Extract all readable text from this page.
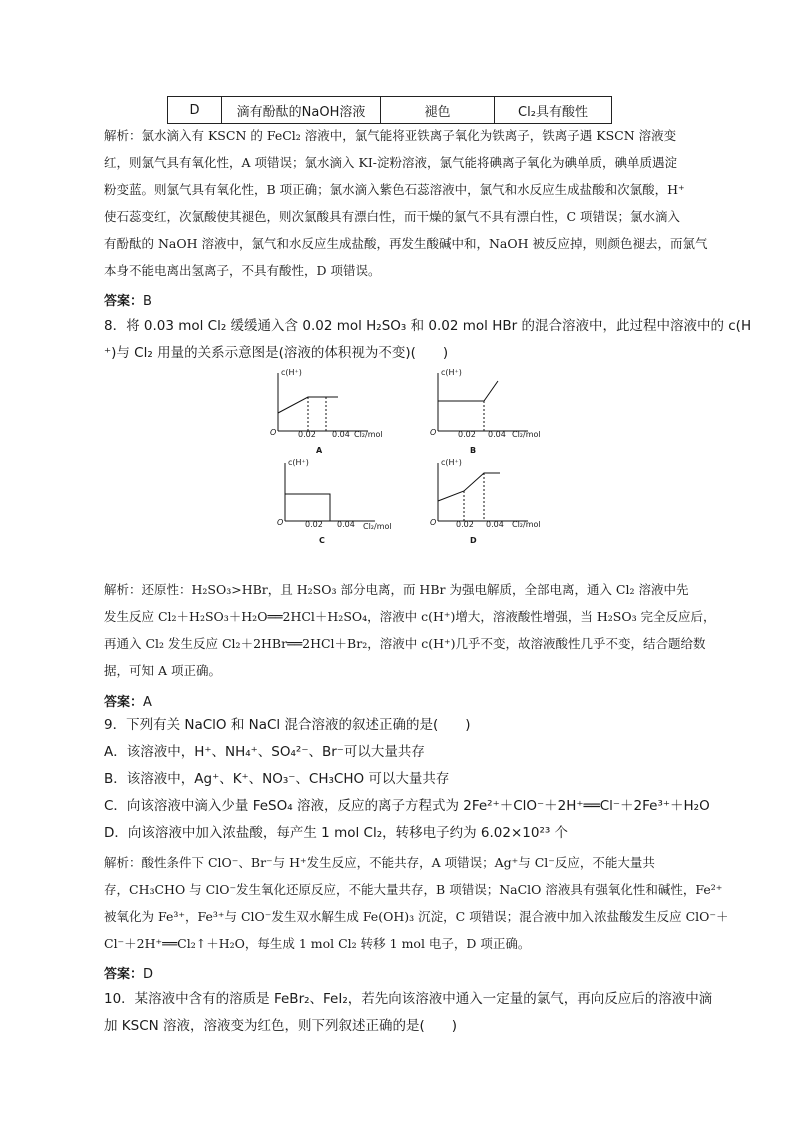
D	滴有酚酞的NaOH溶液	褪色	Cl₂具有酸性
解析：氯水滴入有 KSCN 的 FeCl₂ 溶液中，氯气能将亚铁离子氧化为铁离子，铁离子遇 KSCN 溶液变
红，则氯气具有氧化性，A 项错误；氯水滴入 KI-淀粉溶液，氯气能将碘离子氧化为碘单质，碘单质遇淀
粉变蓝。则氯气具有氧化性，B 项正确；氯水滴入紫色石蕊溶液中，氯气和水反应生成盐酸和次氯酸，H⁺
使石蕊变红，次氯酸使其褪色，则次氯酸具有漂白性，而干燥的氯气不具有漂白性，C 项错误；氯水滴入
有酚酞的 NaOH 溶液中，氯气和水反应生成盐酸，再发生酸碱中和，NaOH 被反应掉，则颜色褪去，而氯气
本身不能电离出氢离子，不具有酸性，D 项错误。
答案：B
8．将 0.03 mol Cl₂ 缓缓通入含 0.02 mol H₂SO₃ 和 0.02 mol HBr 的混合溶液中，此过程中溶液中的 c(H
⁺)与 Cl₂ 用量的关系示意图是(溶液的体积视为不变)(　　)
c(H⁺)
O	0.02 0.04 Cl₂/mol
A
c(H⁺)
O	0.02 0.04 Cl₂/mol
B
c(H⁺)
O	0.02 0.04 Cl₂/mol
C
c(H⁺)
O 0.02 0.04 Cl₂/mol
D
解析：还原性：H₂SO₃>HBr，且 H₂SO₃ 部分电离，而 HBr 为强电解质，全部电离，通入 Cl₂ 溶液中先
发生反应 Cl₂＋H₂SO₃＋H₂O══2HCl＋H₂SO₄，溶液中 c(H⁺)增大，溶液酸性增强，当 H₂SO₃ 完全反应后，
再通入 Cl₂ 发生反应 Cl₂＋2HBr══2HCl＋Br₂，溶液中 c(H⁺)几乎不变，故溶液酸性几乎不变，结合题给数
据，可知 A 项正确。
答案：A
9．下列有关 NaClO 和 NaCl 混合溶液的叙述正确的是(　　)
A．该溶液中，H⁺、NH₄⁺、SO₄²⁻、Br⁻可以大量共存
B．该溶液中，Ag⁺、K⁺、NO₃⁻、CH₃CHO 可以大量共存
C．向该溶液中滴入少量 FeSO₄ 溶液，反应的离子方程式为 2Fe²⁺＋ClO⁻＋2H⁺══Cl⁻＋2Fe³⁺＋H₂O
D．向该溶液中加入浓盐酸，每产生 1 mol Cl₂，转移电子约为 6.02×10²³ 个
解析：酸性条件下 ClO⁻、Br⁻与 H⁺发生反应，不能共存，A 项错误；Ag⁺与 Cl⁻反应，不能大量共
存，CH₃CHO 与 ClO⁻发生氧化还原反应，不能大量共存，B 项错误；NaClO 溶液具有强氧化性和碱性，Fe²⁺
被氧化为 Fe³⁺，Fe³⁺与 ClO⁻发生双水解生成 Fe(OH)₃ 沉淀，C 项错误；混合液中加入浓盐酸发生反应 ClO⁻＋
Cl⁻＋2H⁺══Cl₂↑＋H₂O，每生成 1 mol Cl₂ 转移 1 mol 电子，D 项正确。
答案：D
10．某溶液中含有的溶质是 FeBr₂、FeI₂，若先向该溶液中通入一定量的氯气，再向反应后的溶液中滴
加 KSCN 溶液，溶液变为红色，则下列叙述正确的是(　　)
